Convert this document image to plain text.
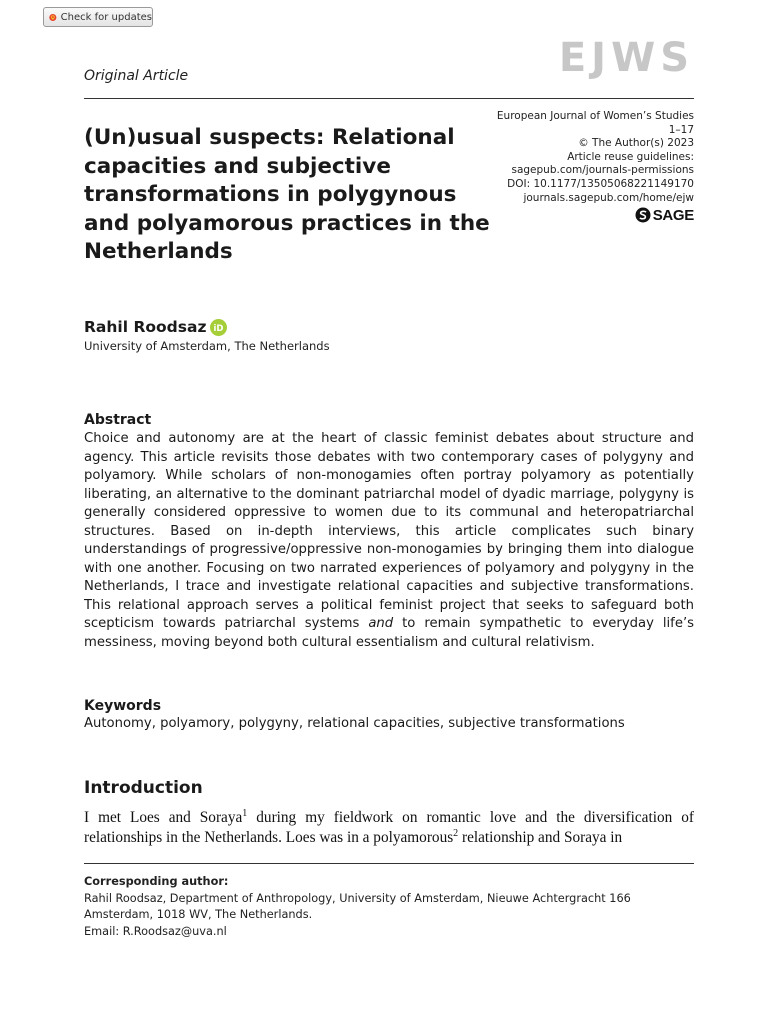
Check for updates
Original Article	EJWS
European Journal of Women’s Studies
1–17
© The Author(s) 2023
Article reuse guidelines:
sagepub.com/journals-permissions
DOI: 10.1177/13505068221149170
journals.sagepub.com/home/ejw
SAGE
(Un)usual suspects: Relational capacities and subjective transformations in polygynous and polyamorous practices in the Netherlands
Rahil Roodsaz iD
University of Amsterdam, The Netherlands
Abstract
Choice and autonomy are at the heart of classic feminist debates about structure and agency. This article revisits those debates with two contemporary cases of polygyny and polyamory. While scholars of non-monogamies often portray polyamory as potentially liberating, an alternative to the dominant patriarchal model of dyadic marriage, polygyny is generally considered oppressive to women due to its communal and heteropatriarchal structures. Based on in-depth interviews, this article complicates such binary understandings of progressive/oppressive non-monogamies by bringing them into dialogue with one another. Focusing on two narrated experiences of polyamory and polygyny in the Netherlands, I trace and investigate relational capacities and subjective transformations. This relational approach serves a political feminist project that seeks to safeguard both scepticism towards patriarchal systems and to remain sympathetic to everyday life’s messiness, moving beyond both cultural essentialism and cultural relativism.
Keywords
Autonomy, polyamory, polygyny, relational capacities, subjective transformations
Introduction
I met Loes and Soraya$^1$ during my fieldwork on romantic love and the diversification of relationships in the Netherlands. Loes was in a polyamorous$^2$ relationship and Soraya in
Corresponding author:
Rahil Roodsaz, Department of Anthropology, University of Amsterdam, Nieuwe Achtergracht 166
Amsterdam, 1018 WV, The Netherlands.
Email: R.Roodsaz@uva.nl
